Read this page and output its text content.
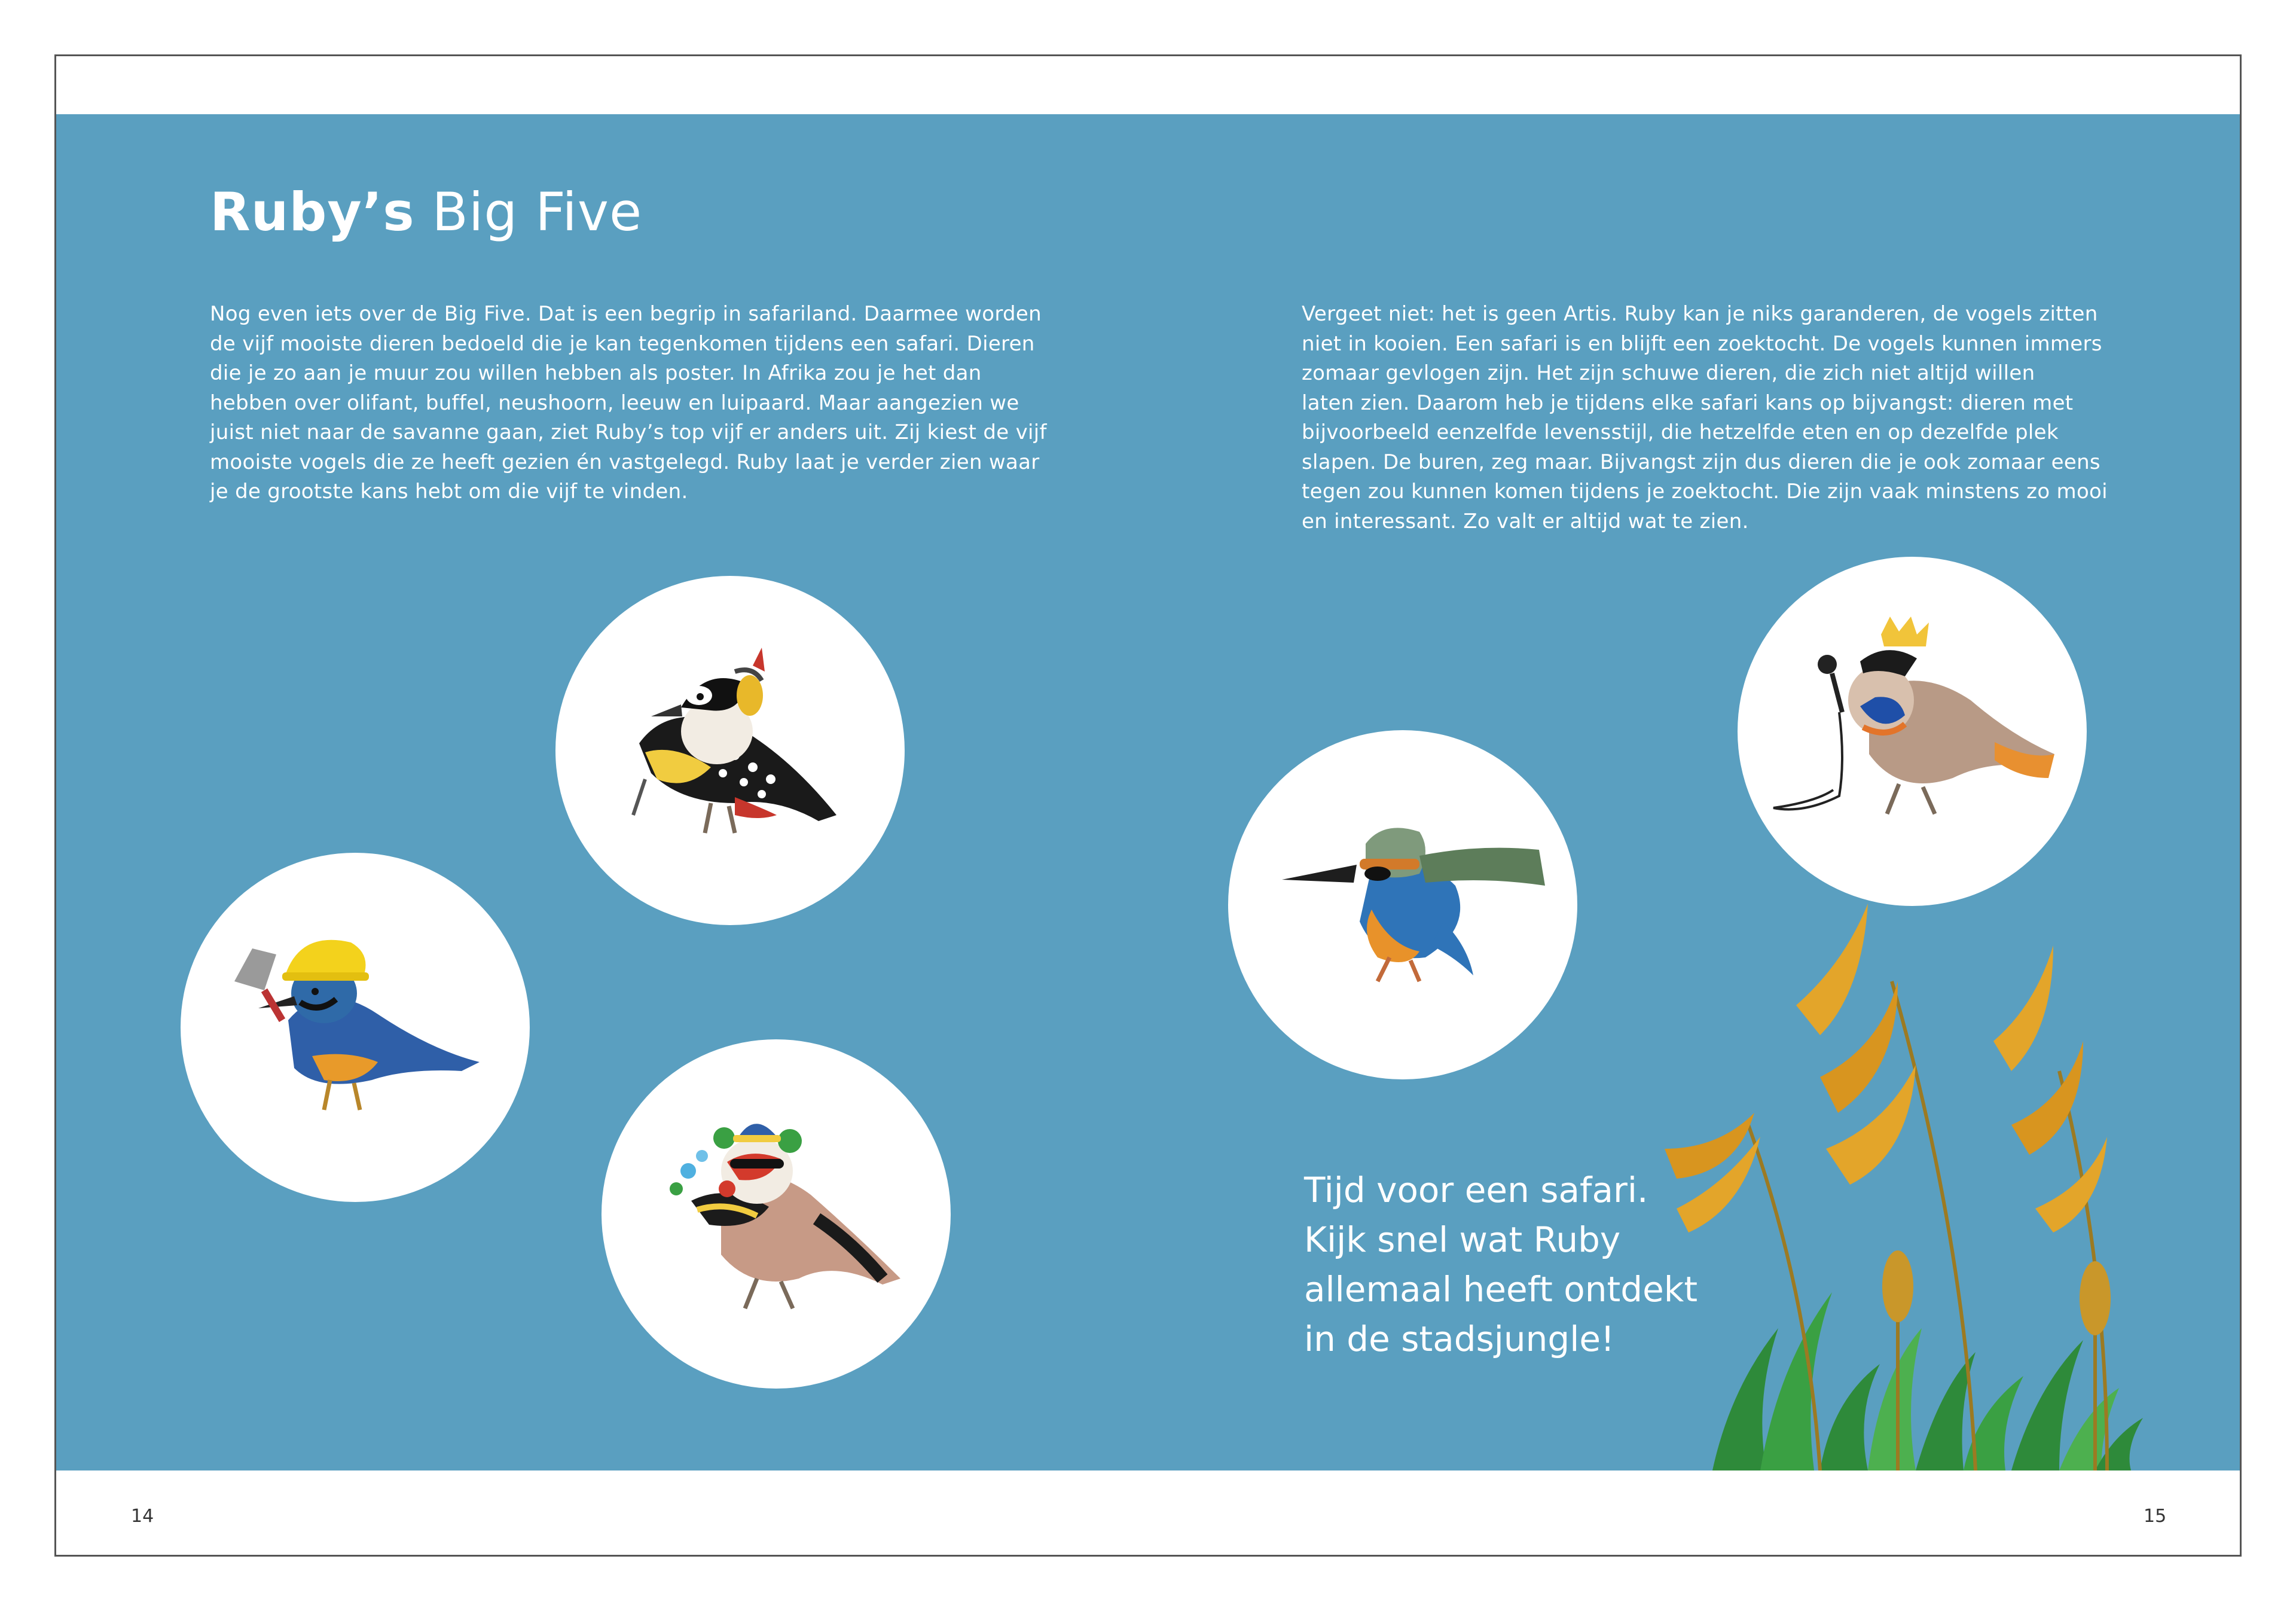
Ruby’s Big Five

Nog even iets over de Big Five. Dat is een begrip in safariland. Daarmee worden
de vijf mooiste dieren bedoeld die je kan tegenkomen tijdens een safari. Dieren
die je zo aan je muur zou willen hebben als poster. In Afrika zou je het dan
hebben over olifant, buffel, neushoorn, leeuw en luipaard. Maar aangezien we
juist niet naar de savanne gaan, ziet Ruby’s top vijf er anders uit. Zij kiest de vijf
mooiste vogels die ze heeft gezien én vastgelegd. Ruby laat je verder zien waar
je de grootste kans hebt om die vijf te vinden.

Vergeet niet: het is geen Artis. Ruby kan je niks garanderen, de vogels zitten
niet in kooien. Een safari is en blijft een zoektocht. De vogels kunnen immers
zomaar gevlogen zijn. Het zijn schuwe dieren, die zich niet altijd willen
laten zien. Daarom heb je tijdens elke safari kans op bijvangst: dieren met
bijvoorbeeld eenzelfde levensstijl, die hetzelfde eten en op dezelfde plek
slapen. De buren, zeg maar. Bijvangst zijn dus dieren die je ook zomaar eens
tegen zou kunnen komen tijdens je zoektocht. Die zijn vaak minstens zo mooi
en interessant. Zo valt er altijd wat te zien.

Tijd voor een safari.
Kijk snel wat Ruby
allemaal heeft ontdekt
in de stadsjungle!

14	15
